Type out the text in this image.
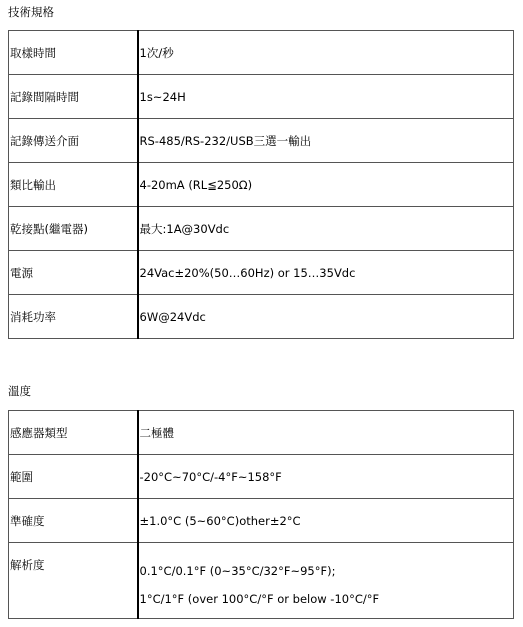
技術規格
取樣時間	1次/秒
記錄間隔時間	1s~24H
記錄傳送介面	RS-485/RS-232/USB三選一輸出
類比輸出	4-20mA (RL≦250Ω)
乾接點(繼電器)	最大:1A@30Vdc
電源	24Vac±20%(50…60Hz) or 15…35Vdc
消耗功率	6W@24Vdc
溫度
感應器類型	二極體
範圍	-20°C~70°C/-4°F~158°F
準確度	±1.0°C (5~60°C)other±2°C
解析度	0.1°C/0.1°F (0~35°C/32°F~95°F);
1°C/1°F (over 100°C/°F or below -10°C/°F
